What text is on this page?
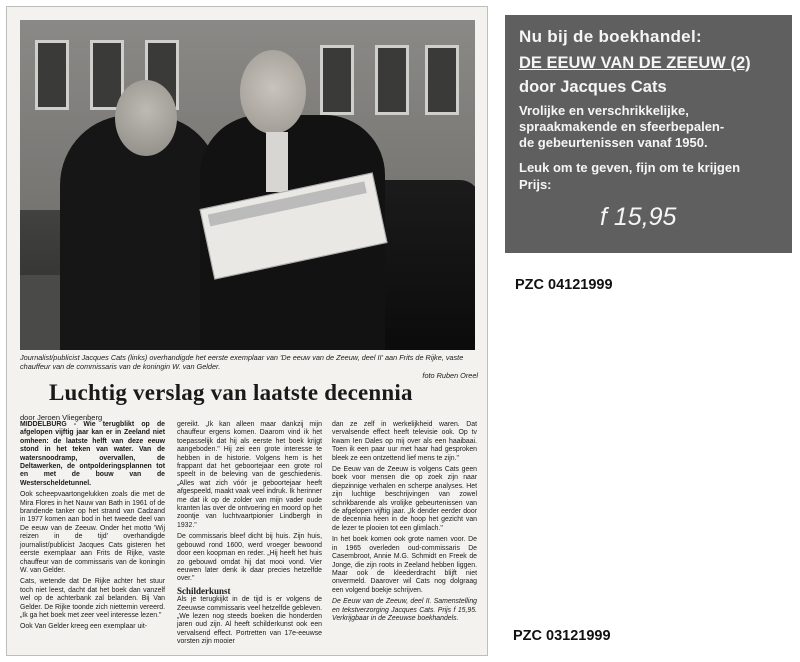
Journalist/publicist Jacques Cats (links) overhandigde het eerste exemplaar van 'De eeuw van de Zeeuw, deel II' aan Frits de Rijke, vaste chauffeur van de commissaris van de koningin W. van Gelder.
foto Ruben Oreel
Luchtig verslag van laatste decennia
door Jeroen Vliegenberg

MIDDELBURG - Wie terugblikt op de afgelopen vijftig jaar kan er in Zeeland niet omheen: de laatste helft van deze eeuw stond in het teken van water. Van de watersnoodramp, overvallen, de Deltawerken, de ontpolderingsplannen tot en met de bouw van de Westerscheldetunnel.

Ook scheepvaartongelukken zoals die met de Mira Flores in het Nauw van Bath in 1961 of de brandende tanker op het strand van Cadzand in 1977 komen aan bod in het tweede deel van De eeuw van de Zeeuw. Onder het motto 'Wij reizen in de tijd' overhandigde journalist/publicist Jacques Cats gisteren het eerste exemplaar aan Frits de Rijke, vaste chauffeur van de commissaris van de koningin W. van Gelder.

Cats, wetende dat De Rijke achter het stuur toch niet leest, dacht dat het boek dan vanzelf wel op de achterbank zal belanden. Bij Van Gelder. De Rijke toonde zich niettemin vereerd. „Ik ga het boek met zeer veel interesse lezen."

Ook Van Gelder kreeg een exemplaar uit-

gereikt. „Ik kan alleen maar dankzij mijn chauffeur ergens komen. Daarom vind ik het toepasselijk dat hij als eerste het boek krijgt aangeboden." Hij zei een grote interesse te hebben in de historie. Volgens hem is het frappant dat het geboortejaar een grote rol speelt in de beleving van de geschiedenis. „Alles wat zich vóór je geboortejaar heeft afgespeeld, maakt vaak veel indruk. Ik herinner me dat ik op de zolder van mijn vader oude kranten las over de ontvoering en moord op het zoontje van luchtvaartpionier Lindbergh in 1932."

De commissaris bleef dicht bij huis. Zijn huis, gebouwd rond 1600, werd vroeger bewoond door een koopman en reder. „Hij heeft het huis zo gebouwd omdat hij dat mooi vond. Vier eeuwen later denk ik daar precies hetzelfde over."

Schilderkunst

Als je terugkijkt in de tijd is er volgens de Zeeuwse commissaris veel hetzelfde gebleven. „We lezen nog steeds boeken die honderden jaren oud zijn. Al heeft schilderkunst ook een vervalsend effect. Portretten van 17e-eeuwse vorsten zijn mooier

dan ze zelf in werkelijkheid waren. Dat vervalsende effect heeft televisie ook. Op tv kwam Ien Dales op mij over als een haaibaai. Toen ik een paar uur met haar had gesproken bleek ze een ontzettend lief mens te zijn."

De Eeuw van de Zeeuw is volgens Cats geen boek voor mensen die op zoek zijn naar diepzinnige verhalen en scherpe analyses. Het zijn luchtige beschrijvingen van zowel schrikbarende als vrolijke gebeurtenissen van de afgelopen vijftig jaar. „Ik dender eerder door de decennia heen in de hoop het gezicht van de lezer te plooien tot een glimlach."

In het boek komen ook grote namen voor. De in 1965 overleden oud-commissaris De Casembroot, Annie M.G. Schmidt en Freek de Jonge, die zijn roots in Zeeland hebben liggen. Maar ook de kleederdracht blijft niet onvermeld. Daarover wil Cats nog dolgraag een volgend boekje schrijven.

De Eeuw van de Zeeuw, deel II. Samenstelling en tekstverzorging Jacques Cats. Prijs f 15,95. Verkrijgbaar in de Zeeuwse boekhandels.

Nu bij de boekhandel:
DE EEUW VAN DE ZEEUW (2)
door Jacques Cats
Vrolijke en verschrikkelijke,
spraakmakende en sfeerbepalen-
de gebeurtenissen vanaf 1950.
Leuk om te geven, fijn om te krijgen
Prijs:
f 15,95
PZC 04121999
PZC 03121999
